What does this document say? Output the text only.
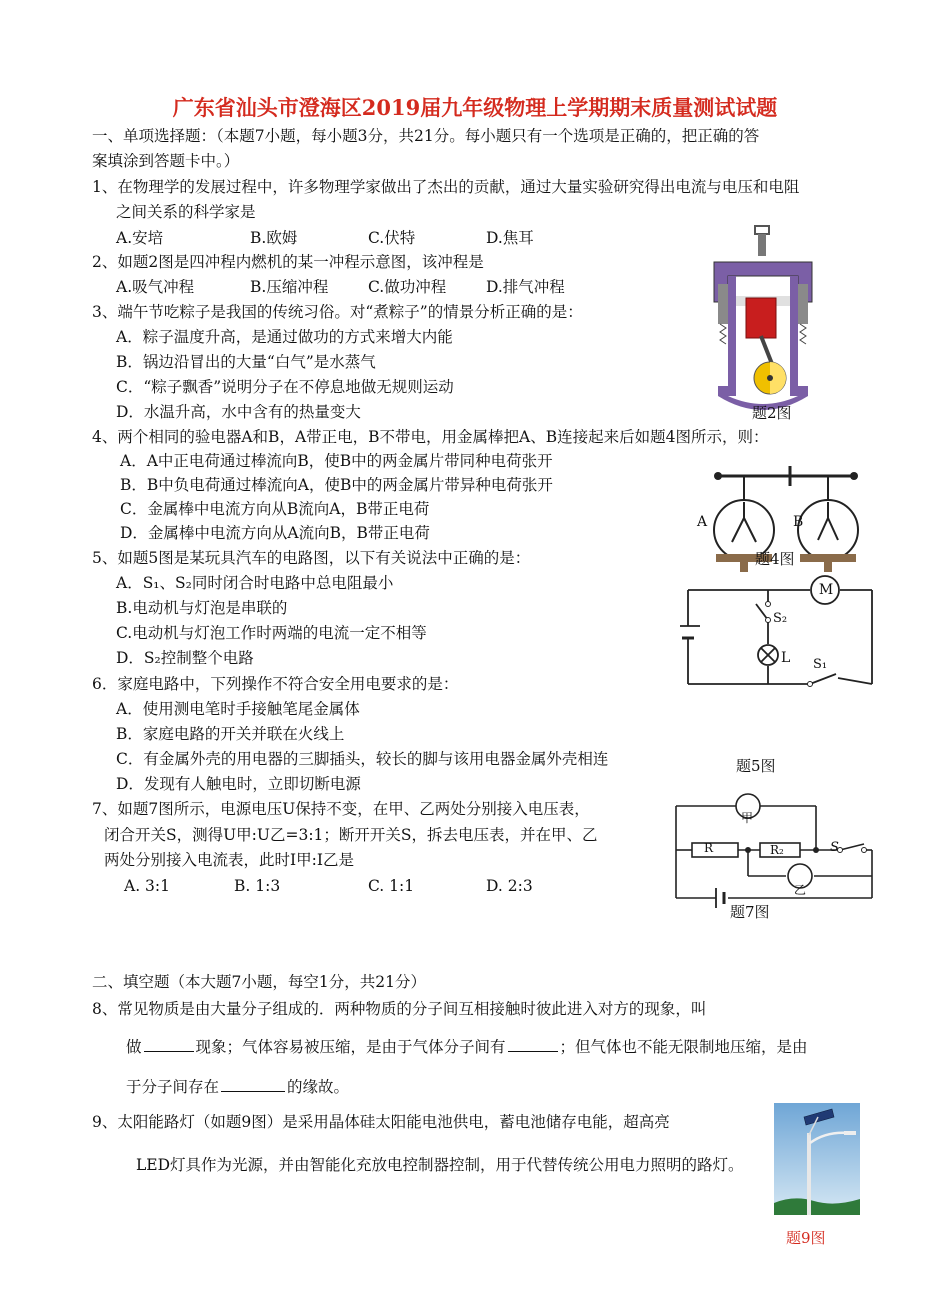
广东省汕头市澄海区2019届九年级物理上学期期末质量测试试题
一、单项选择题：（本题7小题，每小题3分，共21分。每小题只有一个选项是正确的，把正确的答
案填涂到答题卡中。）
1、在物理学的发展过程中，许多物理学家做出了杰出的贡献，通过大量实验研究得出电流与电压和电阻
之间关系的科学家是
A.安培	B.欧姆	C.伏特	D.焦耳
2、如题2图是四冲程内燃机的某一冲程示意图，该冲程是
A.吸气冲程	B.压缩冲程	C.做功冲程	D.排气冲程
3、端午节吃粽子是我国的传统习俗。对“煮粽子”的情景分析正确的是：
A．粽子温度升高，是通过做功的方式来增大内能
B．锅边沿冒出的大量“白气”是水蒸气
C．“粽子飘香”说明分子在不停息地做无规则运动
D．水温升高，水中含有的热量变大	题2图
4、两个相同的验电器A和B，A带正电，B不带电，用金属棒把A、B连接起来后如题4图所示，则：
A．A中正电荷通过棒流向B，使B中的两金属片带同种电荷张开
B．B中负电荷通过棒流向A，使B中的两金属片带异种电荷张开
C．金属棒中电流方向从B流向A，B带正电荷
D．金属棒中电流方向从A流向B，B带正电荷
A	B
题4图
5、如题5图是某玩具汽车的电路图，以下有关说法中正确的是：
A．S₁、S₂同时闭合时电路中总电阻最小
B.电动机与灯泡是串联的
C.电动机与灯泡工作时两端的电流一定不相等
D．S₂控制整个电路
M
S₂
L S₁
题5图
6．家庭电路中，下列操作不符合安全用电要求的是：
A．使用测电笔时手接触笔尾金属体
B．家庭电路的开关并联在火线上
C．有金属外壳的用电器的三脚插头，较长的脚与该用电器金属外壳相连
D．发现有人触电时，立即切断电源
7、如题7图所示，电源电压U保持不变，在甲、乙两处分别接入电压表，
闭合开关S，测得U甲:U乙=3:1；断开开关S，拆去电压表，并在甲、乙
两处分别接入电流表，此时I甲:I乙是
A. 3:1	B. 1:3	C. 1:1	D. 2:3
甲
R	R₂	S
乙
题7图
二、填空题（本大题7小题，每空1分，共21分）
8、常见物质是由大量分子组成的．两种物质的分子间互相接触时彼此进入对方的现象，叫
做	现象；气体容易被压缩，是由于气体分子间有	；但气体也不能无限制地压缩，是由
于分子间存在	的缘故。
9、太阳能路灯（如题9图）是采用晶体硅太阳能电池供电，蓄电池储存电能，超高亮
LED灯具作为光源，并由智能化充放电控制器控制，用于代替传统公用电力照明的路灯。
题9图
